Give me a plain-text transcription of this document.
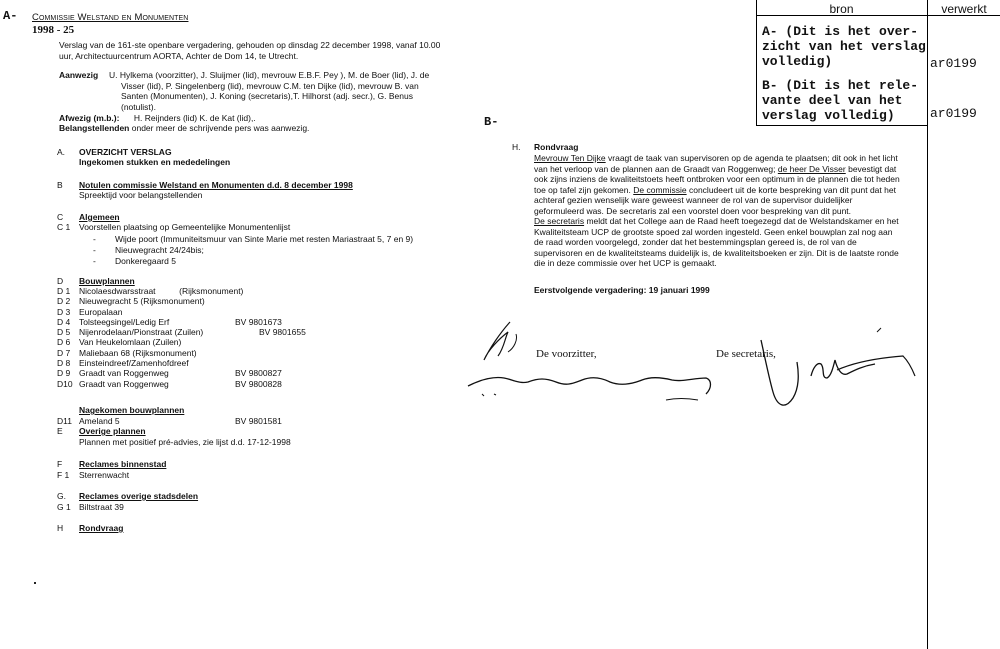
A-
B-
Commissie Welstand en Monumenten
1998 - 25
Verslag van de 161-ste openbare vergadering, gehouden op dinsdag 22 december 1998, vanaf 10.00
uur, Architectuurcentrum AORTA, Achter de Dom 14, te Utrecht.
Aanwezig U. Hylkema (voorzitter), J. Sluijmer (lid), mevrouw E.B.F. Pey ), M. de Boer (lid), J. de
Visser (lid), P. Singelenberg (lid), mevrouw C.M. ten Dijke (lid), mevrouw B. van
Santen (Monumenten), J. Koning (secretaris),T. Hilhorst (adj. secr.), G. Benus
(notulist).
Afwezig (m.b.): H. Reijnders (lid) K. de Kat (lid),.
Belangstellenden onder meer de schrijvende pers was aanwezig.
A. OVERZICHT VERSLAG
Ingekomen stukken en mededelingen
B Notulen commissie Welstand en Monumenten d.d. 8 december 1998
Spreektijd voor belangstellenden
C Algemeen
C 1 Voorstellen plaatsing op Gemeentelijke Monumentenlijst
- Wijde poort (Immuniteitsmuur van Sinte Marie met resten Mariastraat 5, 7 en 9)
- Nieuwegracht 24/24bis;
- Donkeregaard 5
D Bouwplannen
D 1 Nicolaesdwarsstraat          (Rijksmonument)
D 2 Nieuwegracht 5 (Rijksmonument)
D 3 Europalaan
D 4 Tolsteegsingel/Ledig Erf	BV 9801673
D 5 Nijenrodelaan/Pionstraat (Zuilen)	BV 9801655
D 6 Van Heukelomlaan (Zuilen)
D 7 Maliebaan 68 (Rijksmonument)
D 8 Einsteindreef/Zamenhofdreef
D 9 Graadt van Roggenweg	BV 9800827
D10 Graadt van Roggenweg	BV 9800828
Nagekomen bouwplannen
D11 Ameland 5	BV 9801581
E Overige plannen
Plannen met positief pré-advies, zie lijst d.d. 17-12-1998
F Reclames binnenstad
F 1 Sterrenwacht
G. Reclames overige stadsdelen
G 1 Biltstraat 39
H Rondvraag
H. Rondvraag
Mevrouw Ten Dijke vraagt de taak van supervisoren op de agenda te plaatsen; dit ook in het licht
van het verloop van de plannen aan de Graadt van Roggenweg; de heer De Visser bevestigt dat
ook zijns inziens de kwaliteitstoets heeft ontbroken voor een optimum in de plannen die tot heden
toe op tafel zijn gekomen. De commissie concludeert uit de korte bespreking van dit punt dat het
achteraf gezien wenselijk ware geweest wanneer de rol van de supervisor duidelijker
geformuleerd was. De secretaris zal een voorstel doen voor bespreking van dit punt.
De secretaris meldt dat het College aan de Raad heeft toegezegd dat de Welstandskamer en het
Kwaliteitsteam UCP de grootste spoed zal worden ingesteld. Geen enkel bouwplan zal nog aan
de raad worden voorgelegd, zonder dat het bestemmingsplan gereed is, de rol van de
supervisoren en de kwaliteitsteams duidelijk is, de kwaliteitsboeken er zijn. Dit is de laatste ronde
die in deze commissie over het UCP is gemaakt.
Eerstvolgende vergadering: 19 januari 1999
De voorzitter,	De secretaris,
bron	verwerkt
A- (Dit is het over-
zicht van het verslag
volledig)
B- (Dit is het rele-
vante deel van het
verslag volledig)
ar0199
ar0199
